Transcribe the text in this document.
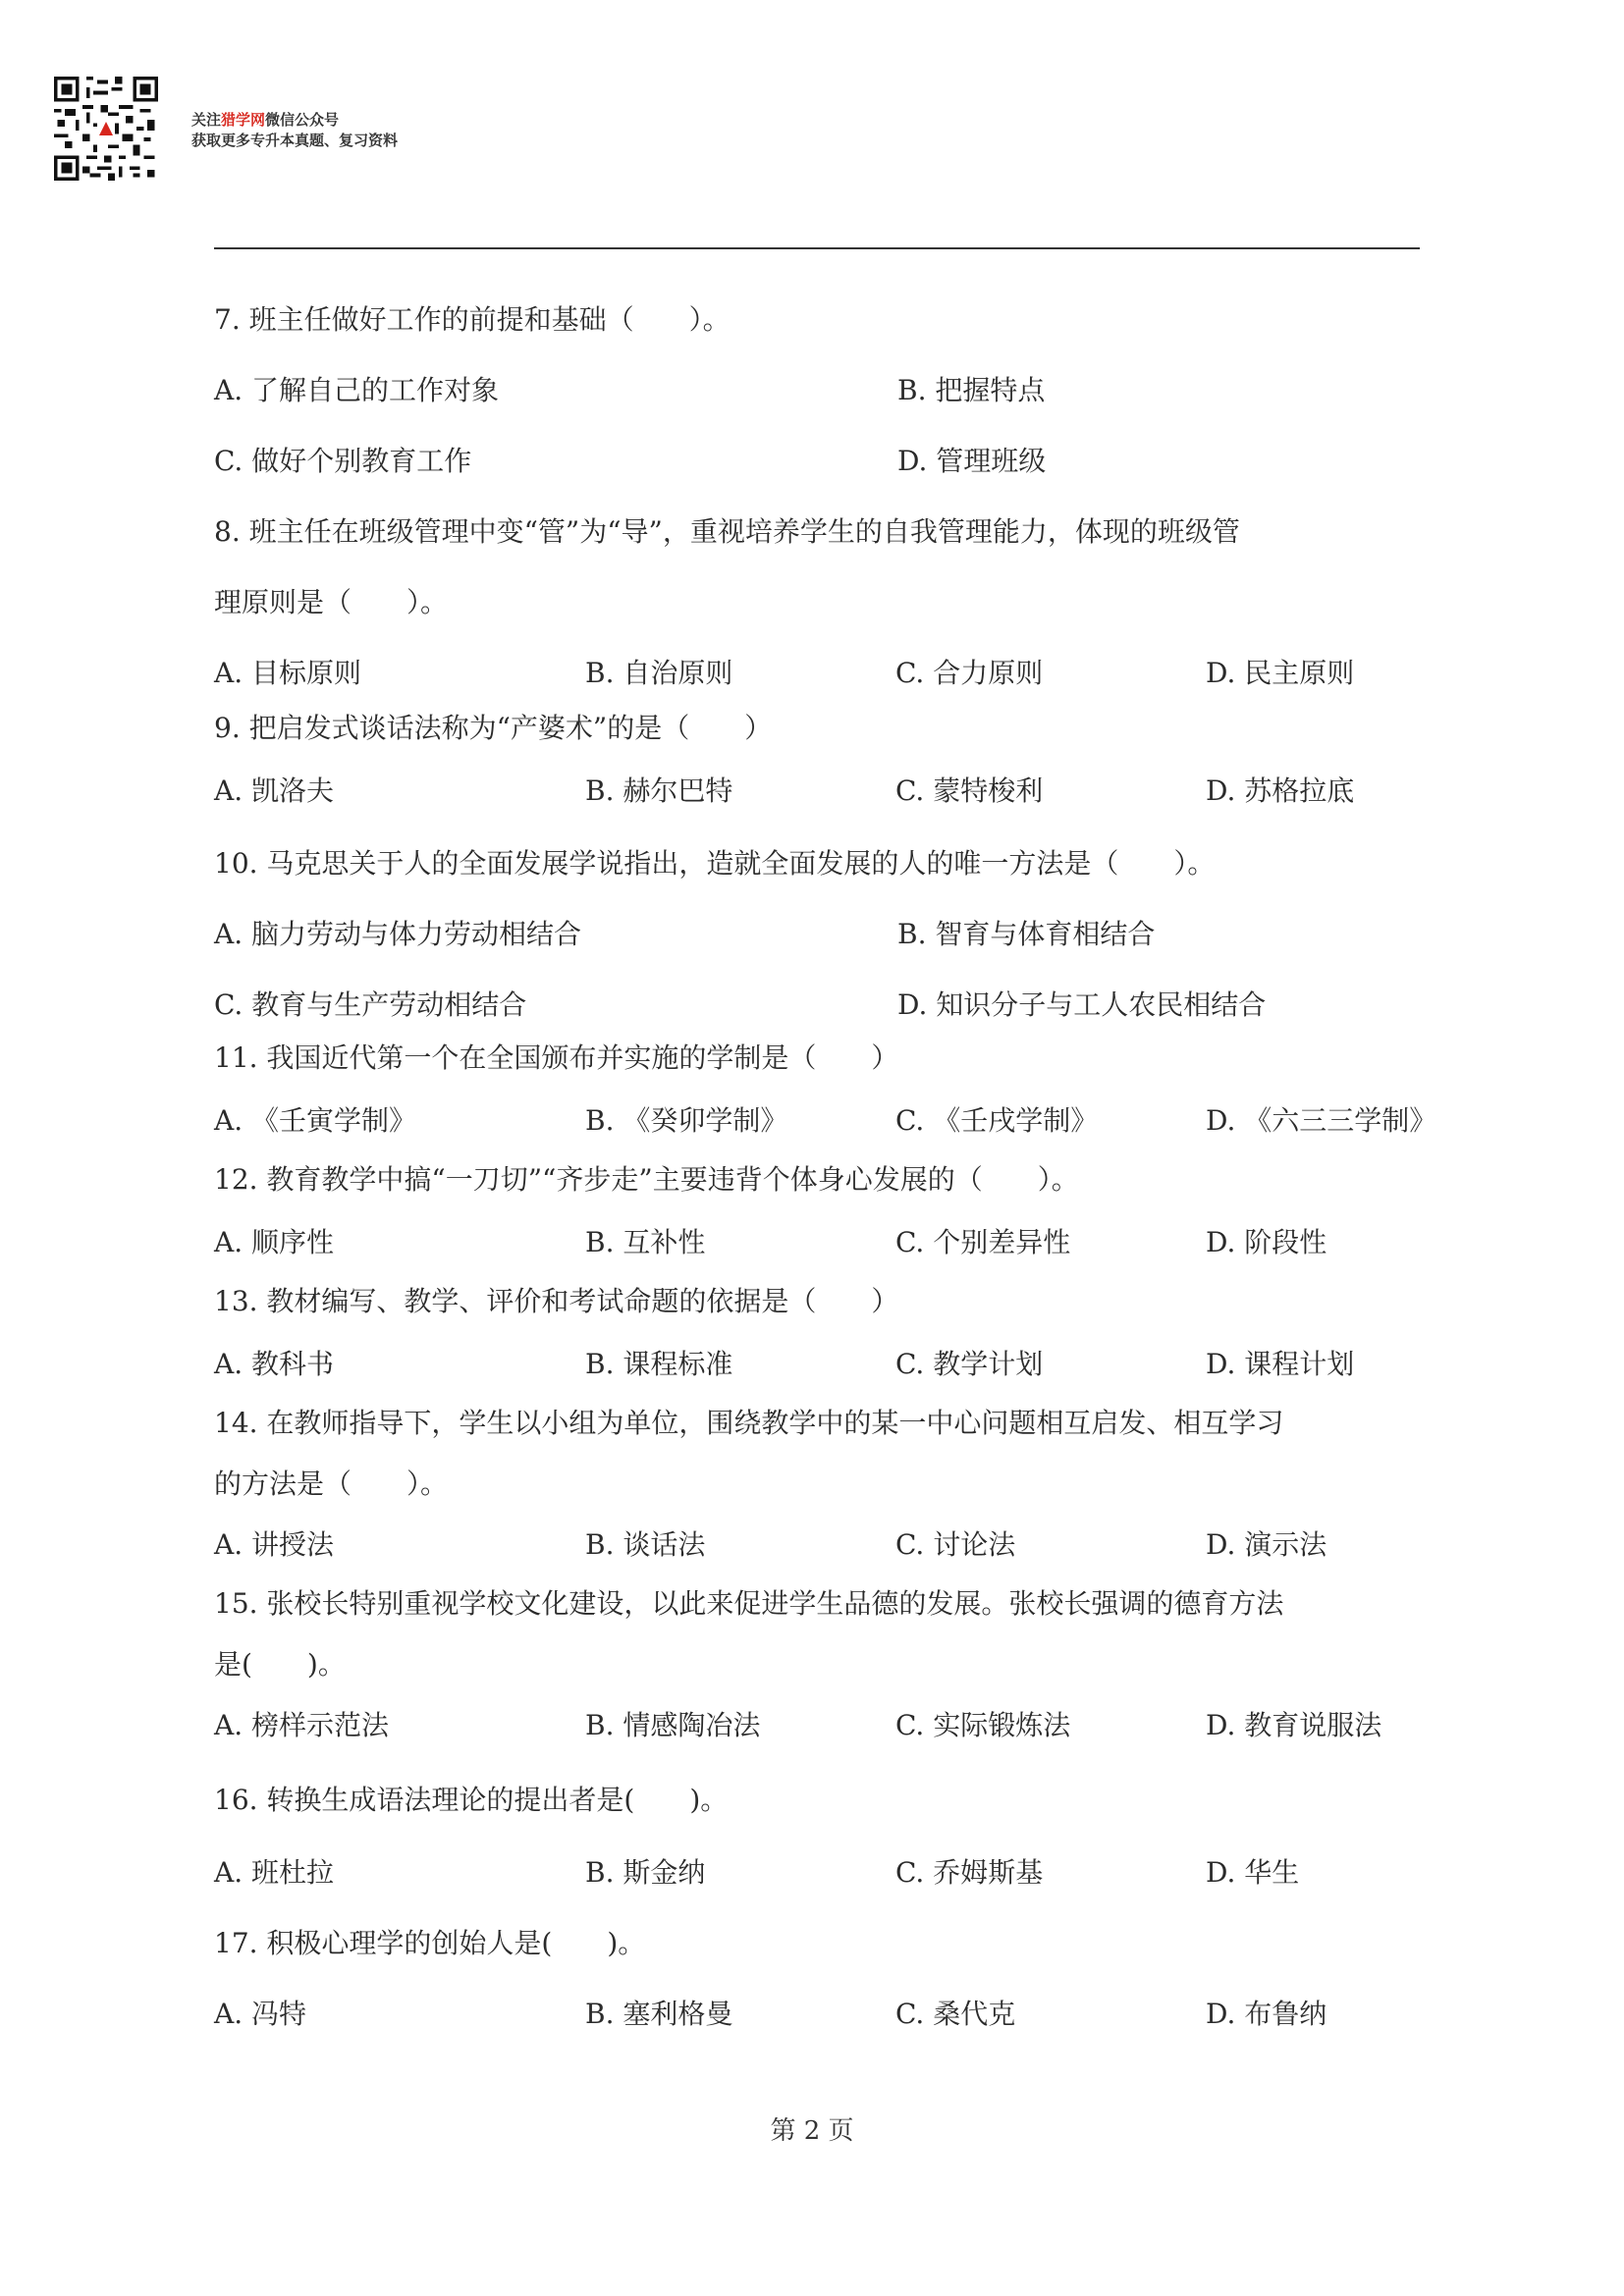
关注猎学网微信公众号
获取更多专升本真题、复习资料
7. 班主任做好工作的前提和基础（　　）。
A. 了解自己的工作对象	B. 把握特点
C. 做好个别教育工作	D. 管理班级
8. 班主任在班级管理中变“管”为“导”，重视培养学生的自我管理能力，体现的班级管
理原则是（　　）。
A. 目标原则	B. 自治原则	C. 合力原则	D. 民主原则
9. 把启发式谈话法称为“产婆术”的是（　　）
A. 凯洛夫	B. 赫尔巴特	C. 蒙特梭利	D. 苏格拉底
10. 马克思关于人的全面发展学说指出，造就全面发展的人的唯一方法是（　　）。
A. 脑力劳动与体力劳动相结合	B. 智育与体育相结合
C. 教育与生产劳动相结合	D. 知识分子与工人农民相结合
11. 我国近代第一个在全国颁布并实施的学制是（　　）
A. 《壬寅学制》	B. 《癸卯学制》	C. 《壬戌学制》	D. 《六三三学制》
12. 教育教学中搞“一刀切”“齐步走”主要违背个体身心发展的（　　）。
A. 顺序性	B. 互补性	C. 个别差异性	D. 阶段性
13. 教材编写、教学、评价和考试命题的依据是（　　）
A. 教科书	B. 课程标准	C. 教学计划	D. 课程计划
14. 在教师指导下，学生以小组为单位，围绕教学中的某一中心问题相互启发、相互学习
的方法是（　　）。
A. 讲授法	B. 谈话法	C. 讨论法	D. 演示法
15. 张校长特别重视学校文化建设，以此来促进学生品德的发展。张校长强调的德育方法
是(　　)。
A. 榜样示范法	B. 情感陶冶法	C. 实际锻炼法	D. 教育说服法
16. 转换生成语法理论的提出者是(　　)。
A. 班杜拉	B. 斯金纳	C. 乔姆斯基	D. 华生
17. 积极心理学的创始人是(　　)。
A. 冯特	B. 塞利格曼	C. 桑代克	D. 布鲁纳
第 2 页
